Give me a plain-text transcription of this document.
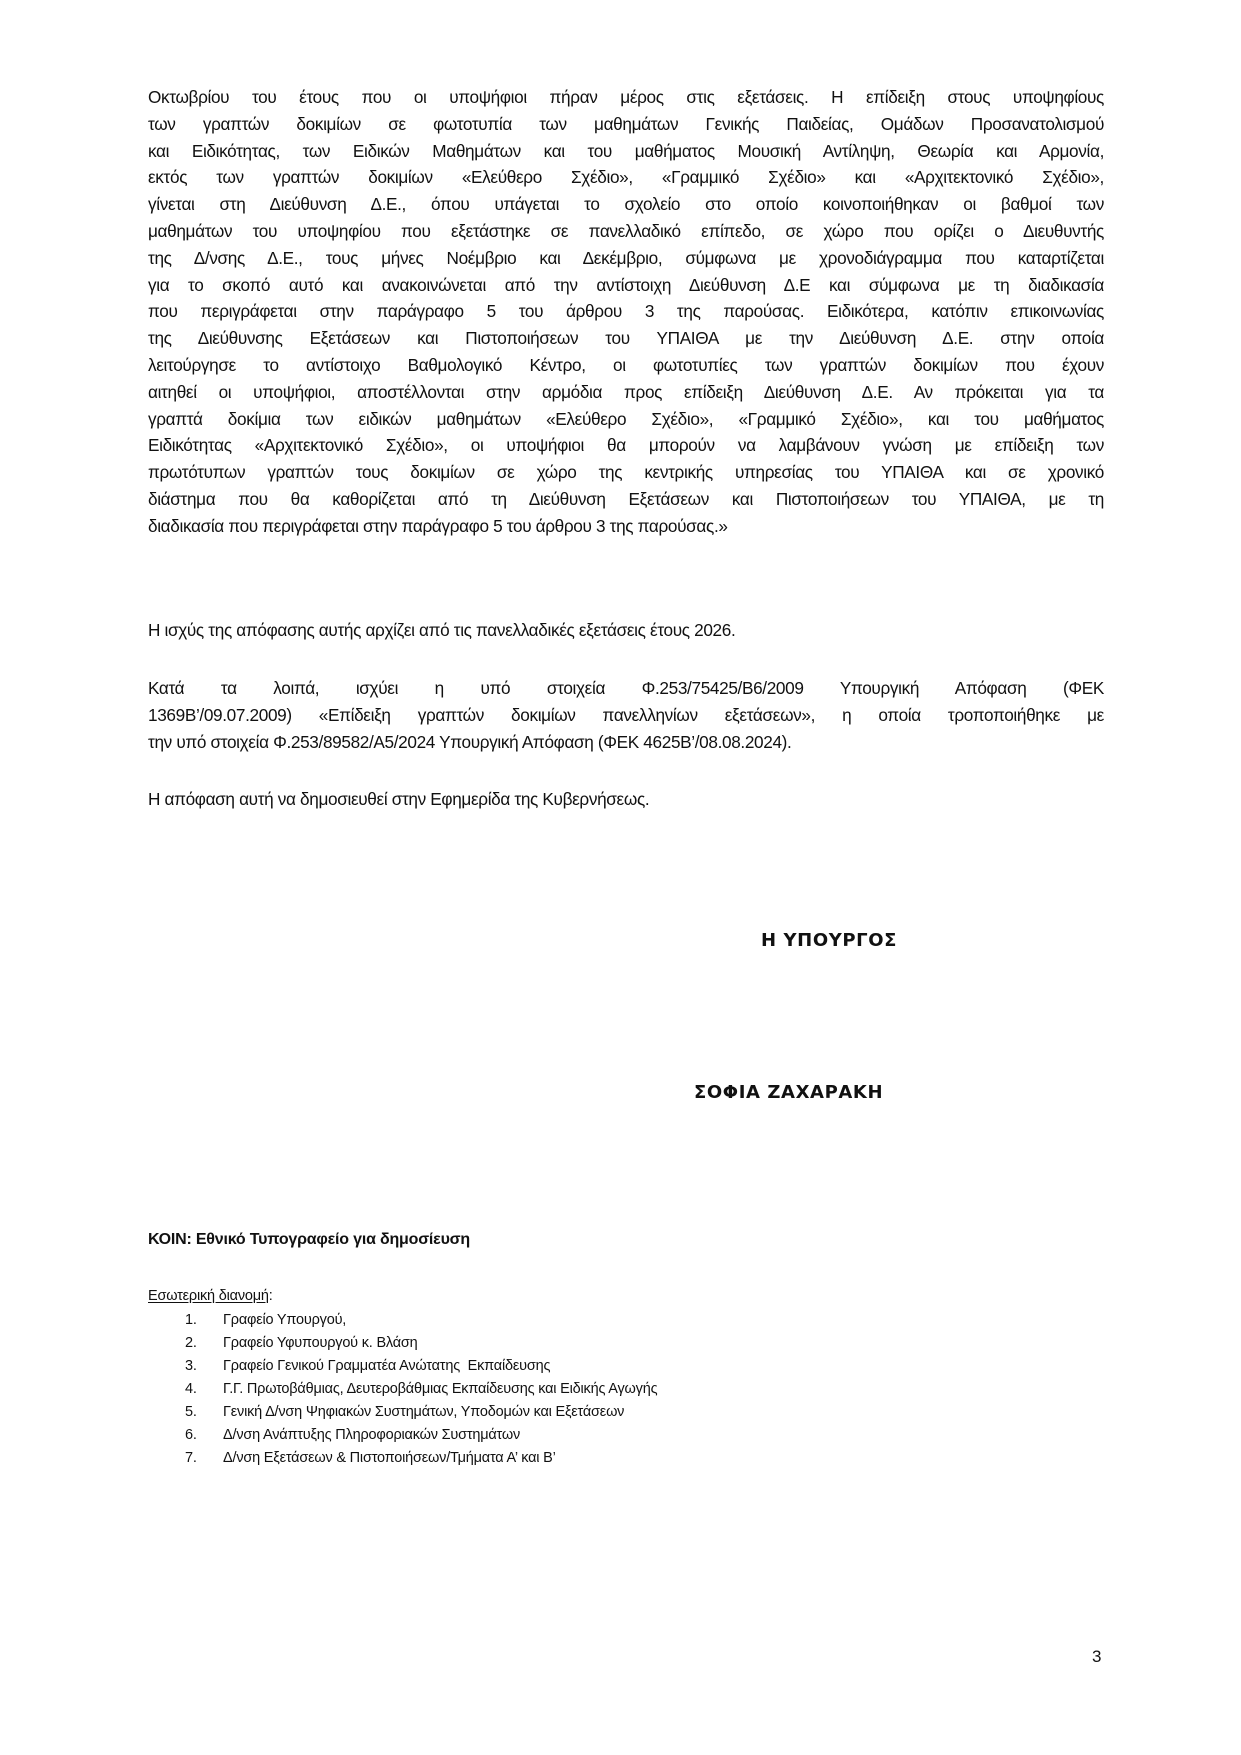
Οκτωβρίου του έτους που οι υποψήφιοι πήραν μέρος στις εξετάσεις. Η επίδειξη στους υποψηφίους
των γραπτών δοκιμίων σε φωτοτυπία των μαθημάτων Γενικής Παιδείας, Ομάδων Προσανατολισμού
και Ειδικότητας, των Ειδικών Μαθημάτων και του μαθήματος Μουσική Αντίληψη, Θεωρία και Αρμονία,
εκτός των γραπτών δοκιμίων «Ελεύθερο Σχέδιο», «Γραμμικό Σχέδιο» και «Αρχιτεκτονικό Σχέδιο»,
γίνεται στη Διεύθυνση Δ.Ε., όπου υπάγεται το σχολείο στο οποίο κοινοποιήθηκαν οι βαθμοί των
μαθημάτων του υποψηφίου που εξετάστηκε σε πανελλαδικό επίπεδο, σε χώρο που ορίζει ο Διευθυντής
της Δ/νσης Δ.Ε., τους μήνες Νοέμβριο και Δεκέμβριο, σύμφωνα με χρονοδιάγραμμα που καταρτίζεται
για το σκοπό αυτό και ανακοινώνεται από την αντίστοιχη Διεύθυνση Δ.Ε και σύμφωνα με τη διαδικασία
που περιγράφεται στην παράγραφο 5 του άρθρου 3 της παρούσας. Ειδικότερα, κατόπιν επικοινωνίας
της Διεύθυνσης Εξετάσεων και Πιστοποιήσεων του ΥΠΑΙΘΑ με την Διεύθυνση Δ.Ε. στην οποία
λειτούργησε το αντίστοιχο Βαθμολογικό Κέντρο, οι φωτοτυπίες των γραπτών δοκιμίων που έχουν
αιτηθεί οι υποψήφιοι, αποστέλλονται στην αρμόδια προς επίδειξη Διεύθυνση Δ.Ε. Αν πρόκειται για τα
γραπτά δοκίμια των ειδικών μαθημάτων «Ελεύθερο Σχέδιο», «Γραμμικό Σχέδιο», και του μαθήματος
Ειδικότητας «Αρχιτεκτονικό Σχέδιο», οι υποψήφιοι θα μπορούν να λαμβάνουν γνώση με επίδειξη των
πρωτότυπων γραπτών τους δοκιμίων σε χώρο της κεντρικής υπηρεσίας του ΥΠΑΙΘΑ και σε χρονικό
διάστημα που θα καθορίζεται από τη Διεύθυνση Εξετάσεων και Πιστοποιήσεων του ΥΠΑΙΘΑ, με τη
διαδικασία που περιγράφεται στην παράγραφο 5 του άρθρου 3 της παρούσας.»
Η ισχύς της απόφασης αυτής αρχίζει από τις πανελλαδικές εξετάσεις έτους 2026.
Κατά τα λοιπά, ισχύει η υπό στοιχεία Φ.253/75425/Β6/2009 Υπουργική Απόφαση (ΦΕΚ
1369Β’/09.07.2009) «Επίδειξη γραπτών δοκιμίων πανελληνίων εξετάσεων», η οποία τροποποιήθηκε με
την υπό στοιχεία Φ.253/89582/Α5/2024 Υπουργική Απόφαση (ΦΕΚ 4625Β’/08.08.2024).
Η απόφαση αυτή να δημοσιευθεί στην Εφημερίδα της Κυβερνήσεως.
Η ΥΠΟΥΡΓΟΣ
ΣΟΦΙΑ ΖΑΧΑΡΑΚΗ
ΚΟΙΝ: Εθνικό Τυπογραφείο για δημοσίευση
Εσωτερική διανομή:
1. Γραφείο Υπουργού,
2. Γραφείο Υφυπουργού κ. Βλάση
3. Γραφείο Γενικού Γραμματέα Ανώτατης  Εκπαίδευσης
4. Γ.Γ. Πρωτοβάθμιας, Δευτεροβάθμιας Εκπαίδευσης και Ειδικής Αγωγής
5. Γενική Δ/νση Ψηφιακών Συστημάτων, Υποδομών και Εξετάσεων
6. Δ/νση Ανάπτυξης Πληροφοριακών Συστημάτων
7. Δ/νση Εξετάσεων & Πιστοποιήσεων/Τμήματα Α’ και Β’
3
